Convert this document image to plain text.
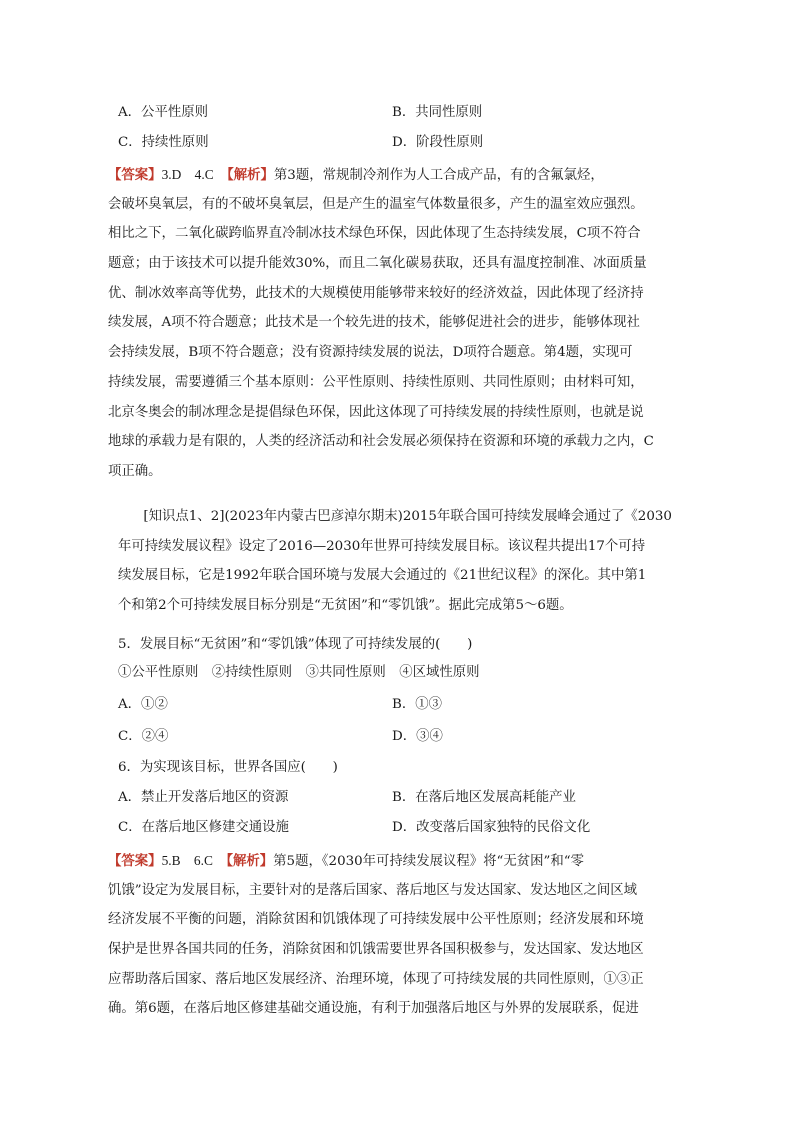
A．公平性原则	B．共同性原则
C．持续性原则	D．阶段性原则
【答案】3.D　4.C　【解析】第3题，常规制冷剂作为人工合成产品，有的含氟氯烃，
会破坏臭氧层，有的不破坏臭氧层，但是产生的温室气体数量很多，产生的温室效应强烈。
相比之下，二氧化碳跨临界直冷制冰技术绿色环保，因此体现了生态持续发展，C项不符合
题意；由于该技术可以提升能效30%，而且二氧化碳易获取，还具有温度控制准、冰面质量
优、制冰效率高等优势，此技术的大规模使用能够带来较好的经济效益，因此体现了经济持
续发展，A项不符合题意；此技术是一个较先进的技术，能够促进社会的进步，能够体现社
会持续发展，B项不符合题意；没有资源持续发展的说法，D项符合题意。第4题，实现可
持续发展，需要遵循三个基本原则：公平性原则、持续性原则、共同性原则；由材料可知，
北京冬奥会的制冰理念是提倡绿色环保，因此这体现了可持续发展的持续性原则，也就是说
地球的承载力是有限的，人类的经济活动和社会发展必须保持在资源和环境的承载力之内，C
项正确。
　[知识点1、2](2023年内蒙古巴彦淖尔期末)2015年联合国可持续发展峰会通过了《2030
年可持续发展议程》设定了2016—2030年世界可持续发展目标。该议程共提出17个可持
续发展目标，它是1992年联合国环境与发展大会通过的《21世纪议程》的深化。其中第1
个和第2个可持续发展目标分别是“无贫困”和“零饥饿”。据此完成第5～6题。
5．发展目标“无贫困”和“零饥饿”体现了可持续发展的(　　)
①公平性原则　②持续性原则　③共同性原则　④区域性原则
A．①②	B．①③
C．②④	D．③④
6．为实现该目标，世界各国应(　　)
A．禁止开发落后地区的资源	B．在落后地区发展高耗能产业
C．在落后地区修建交通设施	D．改变落后国家独特的民俗文化
【答案】5.B　6.C　【解析】第5题，《2030年可持续发展议程》将“无贫困”和“零
饥饿”设定为发展目标，主要针对的是落后国家、落后地区与发达国家、发达地区之间区域
经济发展不平衡的问题，消除贫困和饥饿体现了可持续发展中公平性原则；经济发展和环境
保护是世界各国共同的任务，消除贫困和饥饿需要世界各国积极参与，发达国家、发达地区
应帮助落后国家、落后地区发展经济、治理环境，体现了可持续发展的共同性原则，①③正
确。第6题，在落后地区修建基础交通设施，有利于加强落后地区与外界的发展联系，促进
